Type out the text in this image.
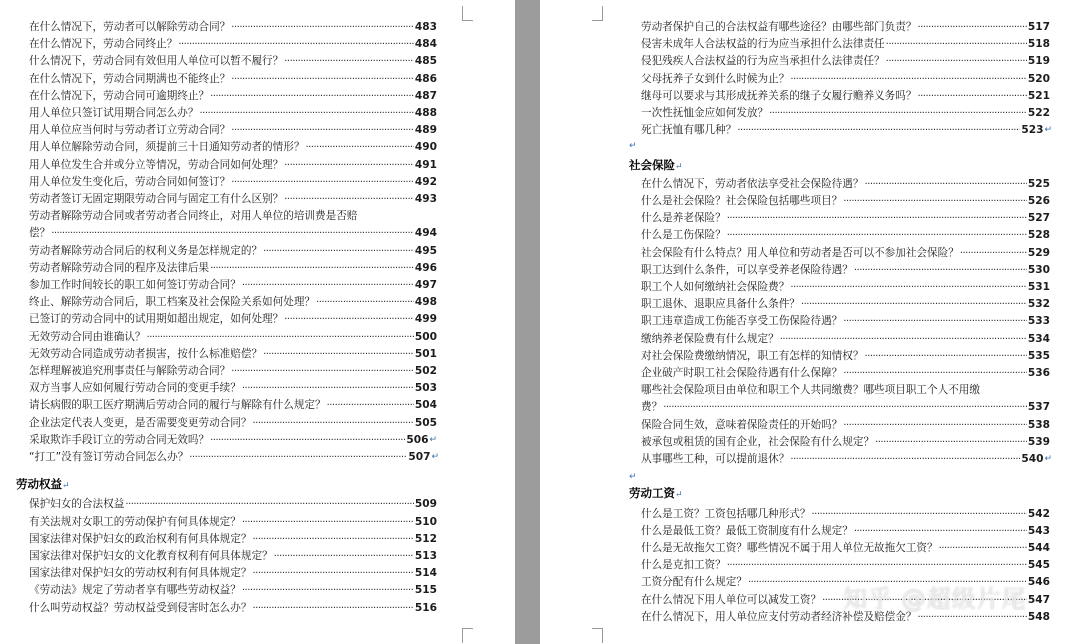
在什么情况下，劳动者可以解除劳动合同？ ·····	483
在什么情况下，劳动合同终止？ ·····	484
什么情况下，劳动合同有效但用人单位可以暂不履行？ ·····	485
在什么情况下，劳动合同期满也不能终止？ ·····	486
在什么情况下，劳动合同可逾期终止？ ·····	487
用人单位只签订试用期合同怎么办？ ·····	488
用人单位应当何时与劳动者订立劳动合同？ ·····	489
用人单位解除劳动合同，须提前三十日通知劳动者的情形？ ·····	490
用人单位发生合并或分立等情况，劳动合同如何处理？ ·····	491
用人单位发生变化后，劳动合同如何签订？ ·····	492
劳动者签订无固定期限劳动合同与固定工有什么区别？ ·····	493
劳动者解除劳动合同或者劳动者合同终止，对用人单位的培训费是否赔
偿？ ·····	494
劳动者解除劳动合同后的权利义务是怎样规定的？ ·····	495
劳动者解除劳动合同的程序及法律后果 ·····	496
参加工作时间较长的职工如何签订劳动合同？ ·····	497
终止、解除劳动合同后，职工档案及社会保险关系如何处理？ ·····	498
已签订的劳动合同中的试用期如超出规定，如何处理？ ·····	499
无效劳动合同由谁确认？ ·····	500
无效劳动合同造成劳动者损害，按什么标准赔偿？ ·····	501
怎样理解被追究刑事责任与解除劳动合同？ ·····	502
双方当事人应如何履行劳动合同的变更手续？ ·····	503
请长病假的职工医疗期满后劳动合同的履行与解除有什么规定？ ·····	504
企业法定代表人变更，是否需要变更劳动合同？ ·····	505
采取欺诈手段订立的劳动合同无效吗？ ·····	506 ↵
“打工”没有签订劳动合同怎么办？ ·····	507 ↵
劳动权益↵
保护妇女的合法权益 ·····	509
有关法规对女职工的劳动保护有何具体规定？ ·····	510
国家法律对保护妇女的政治权利有何具体规定？ ·····	512
国家法律对保护妇女的文化教育权利有何具体规定？ ·····	513
国家法律对保护妇女的劳动权利有何具体规定？ ·····	514
《劳动法》规定了劳动者享有哪些劳动权益？ ·····	515
什么叫劳动权益？劳动权益受到侵害时怎么办？ ·····	516
劳动者保护自己的合法权益有哪些途径？由哪些部门负责？ ·····	517
侵害未成年人合法权益的行为应当承担什么法律责任 ·····	518
侵犯残疾人合法权益的行为应当承担什么法律责任？ ·····	519
父母抚养子女到什么时候为止？ ·····	520
继母可以要求与其形成抚养关系的继子女履行赡养义务吗？ ·····	521
一次性抚恤金应如何发放？ ·····	522
死亡抚恤有哪几种？ ·····	523 ↵
↵
社会保险↵
在什么情况下，劳动者依法享受社会保险待遇？ ·····	525
什么是社会保险？社会保险包括哪些项目？ ·····	526
什么是养老保险？ ·····	527
什么是工伤保险？ ·····	528
社会保险有什么特点？用人单位和劳动者是否可以不参加社会保险？ ·····	529
职工达到什么条件，可以享受养老保险待遇？ ·····	530
职工个人如何缴纳社会保险费？ ·····	531
职工退休、退职应具备什么条件？ ·····	532
职工违章造成工伤能否享受工伤保险待遇？ ·····	533
缴纳养老保险费有什么规定？ ·····	534
对社会保险费缴纳情况，职工有怎样的知情权？ ·····	535
企业破产时职工社会保险待遇有什么保障？ ·····	536
哪些社会保险项目由单位和职工个人共同缴费？哪些项目职工个人不用缴
费？ ·····	537
保险合同生效，意味着保险责任的开始吗？ ·····	538
被承包或租赁的国有企业，社会保险有什么规定？ ·····	539
从事哪些工种，可以提前退休？ ·····	540 ↵
↵
劳动工资↵
什么是工资？工资包括哪几种形式？ ·····	542
什么是最低工资？最低工资制度有什么规定？ ·····	543
什么是无故拖欠工资？哪些情况不属于用人单位无故拖欠工资？ ·····	544
什么是克扣工资？ ·····	545
工资分配有什么规定？ ·····	546
在什么情况下用人单位可以减发工资？ ·····	547
在什么情况下，用人单位应支付劳动者经济补偿及赔偿金？ ·····	548
知乎 @超级片尾
